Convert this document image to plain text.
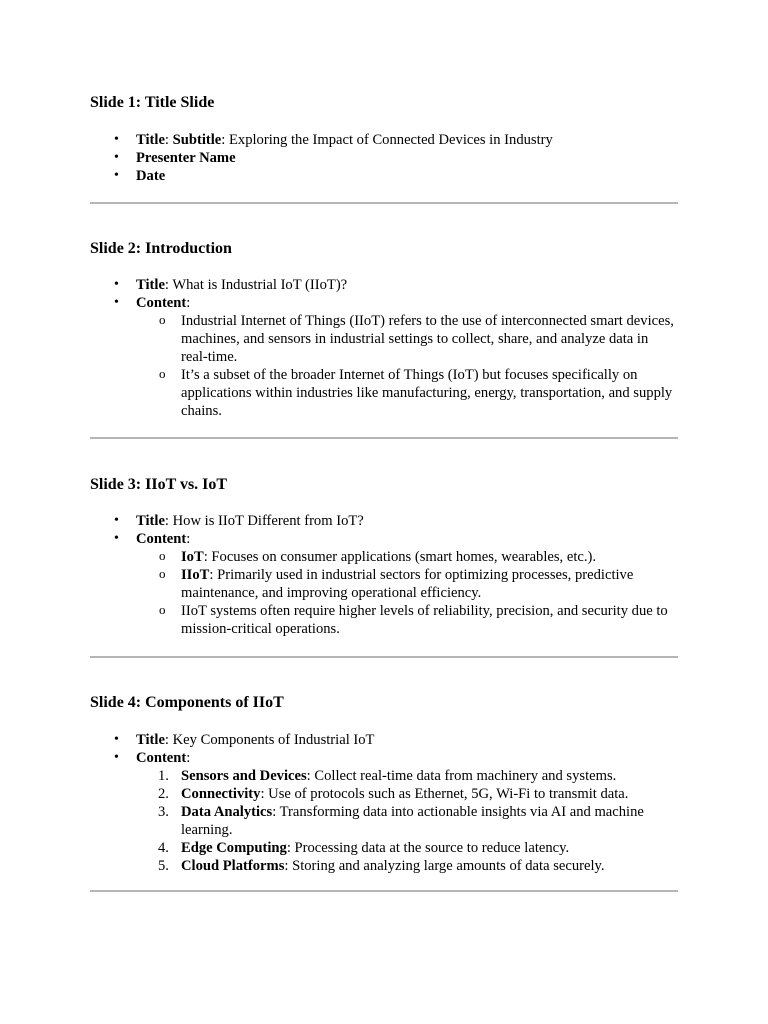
Slide 1: Title Slide
• Title: Subtitle: Exploring the Impact of Connected Devices in Industry
• Presenter Name
• Date
Slide 2: Introduction
• Title: What is Industrial IoT (IIoT)?
• Content:
o Industrial Internet of Things (IIoT) refers to the use of interconnected smart devices, machines, and sensors in industrial settings to collect, share, and analyze data in real-time.
o It’s a subset of the broader Internet of Things (IoT) but focuses specifically on applications within industries like manufacturing, energy, transportation, and supply chains.
Slide 3: IIoT vs. IoT
• Title: How is IIoT Different from IoT?
• Content:
o IoT: Focuses on consumer applications (smart homes, wearables, etc.).
o IIoT: Primarily used in industrial sectors for optimizing processes, predictive maintenance, and improving operational efficiency.
o IIoT systems often require higher levels of reliability, precision, and security due to mission-critical operations.
Slide 4: Components of IIoT
• Title: Key Components of Industrial IoT
• Content:
1. Sensors and Devices: Collect real-time data from machinery and systems.
2. Connectivity: Use of protocols such as Ethernet, 5G, Wi-Fi to transmit data.
3. Data Analytics: Transforming data into actionable insights via AI and machine learning.
4. Edge Computing: Processing data at the source to reduce latency.
5. Cloud Platforms: Storing and analyzing large amounts of data securely.
